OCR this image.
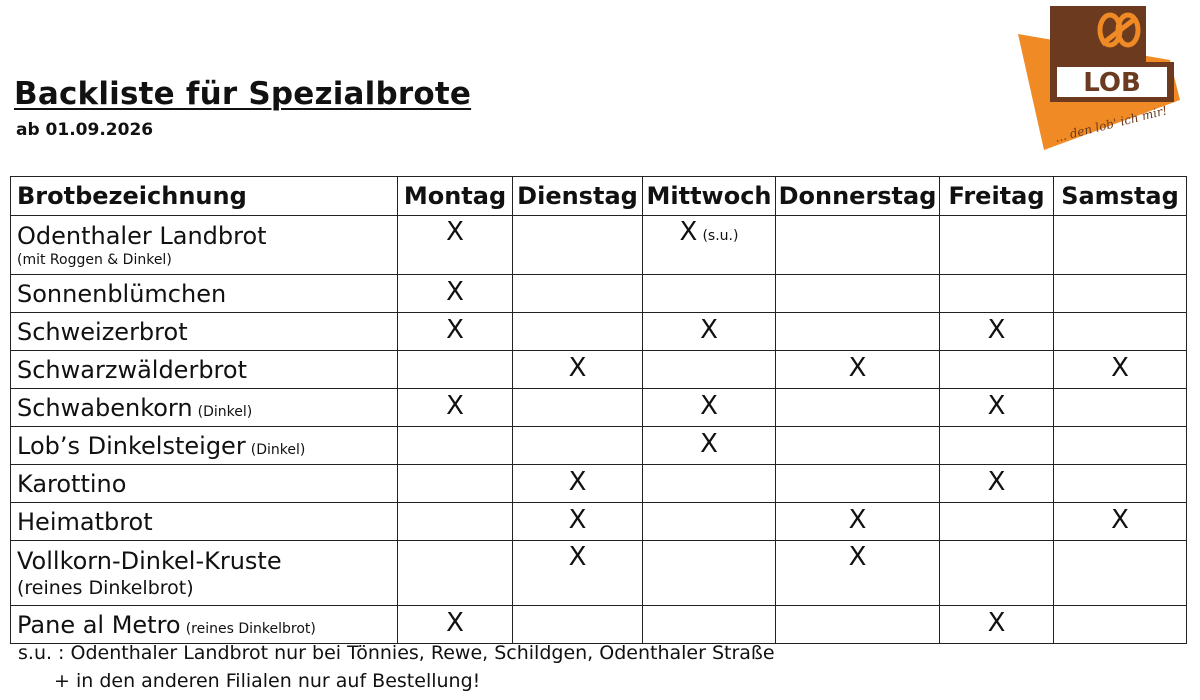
Backliste für Spezialbrote
ab 01.09.2026
LOB
... den lob' ich mir!
Brotbezeichnung	Montag	Dienstag	Mittwoch	Donnerstag	Freitag	Samstag
Odenthaler Landbrot
(mit Roggen & Dinkel)	X		X (s.u.)			
Sonnenblümchen	X					
Schweizerbrot	X		X		X	
Schwarzwälderbrot		X		X		X
Schwabenkorn (Dinkel)	X		X		X	
Lob’s Dinkelsteiger (Dinkel)			X			
Karottino		X			X	
Heimatbrot		X		X		X
Vollkorn-Dinkel-Kruste
(reines Dinkelbrot)		X		X		
Pane al Metro (reines Dinkelbrot)	X				X	
s.u. : Odenthaler Landbrot nur bei Tönnies, Rewe, Schildgen, Odenthaler Straße
+ in den anderen Filialen nur auf Bestellung!
